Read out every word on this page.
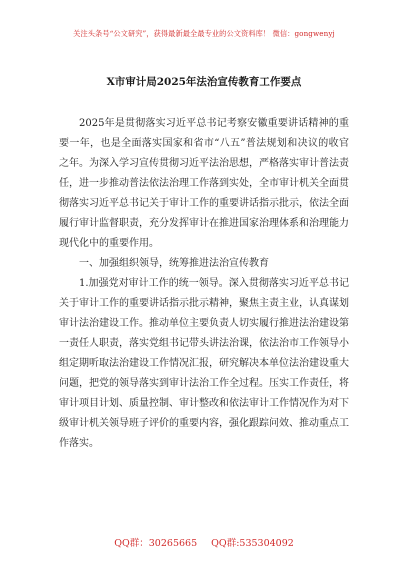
关注头条号“公文研究”，获得最新最全最专业的公文资料库！ 微信：gongwenyj
X市审计局2025年法治宣传教育工作要点

2025年是贯彻落实习近平总书记考察安徽重要讲话精神的重要一年，也是全面落实国家和省市“八五”普法规划和决议的收官之年。为深入学习宣传贯彻习近平法治思想，严格落实审计普法责任，进一步推动普法依法治理工作落到实处，全市审计机关全面贯彻落实习近平总书记关于审计工作的重要讲话指示批示，依法全面履行审计监督职责，充分发挥审计在推进国家治理体系和治理能力现代化中的重要作用。

一、加强组织领导，统筹推进法治宣传教育

1.加强党对审计工作的统一领导。深入贯彻落实习近平总书记关于审计工作的重要讲话指示批示精神，聚焦主责主业，认真谋划审计法治建设工作。推动单位主要负责人切实履行推进法治建设第一责任人职责，落实党组书记带头讲法治课，依法治市工作领导小组定期听取法治建设工作情况汇报，研究解决本单位法治建设重大问题，把党的领导落实到审计法治工作全过程。压实工作责任，将审计项目计划、质量控制、审计整改和依法审计工作情况作为对下级审计机关领导班子评价的重要内容，强化跟踪问效、推动重点工作落实。

QQ群：30265665 QQ群:535304092
